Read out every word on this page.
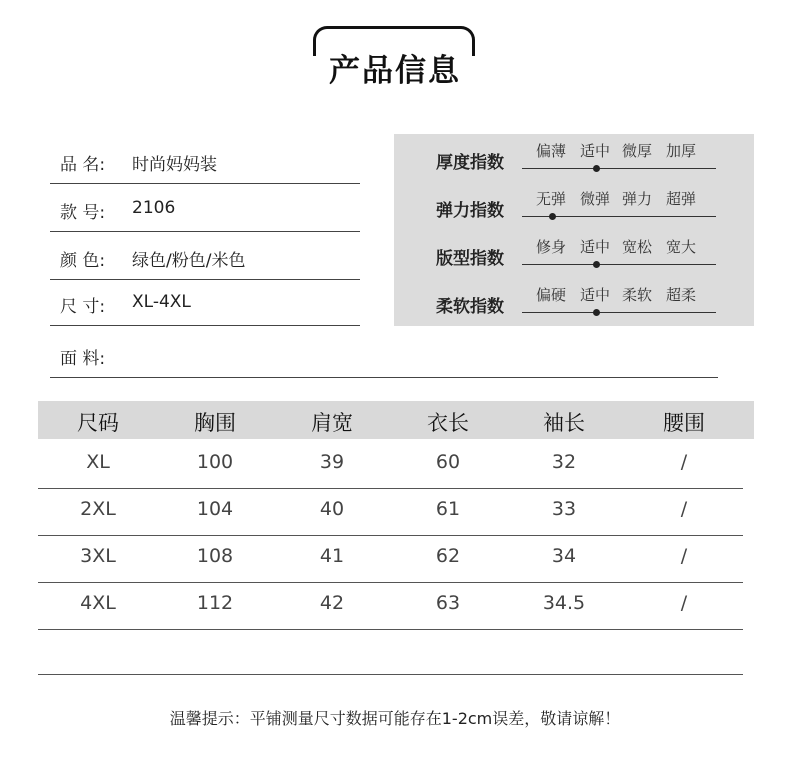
产品信息
品 名: 时尚妈妈装
款 号: 2106
颜 色: 绿色/粉色/米色
尺 寸: XL-4XL
面 料:
厚度指数
偏薄 适中 微厚 加厚
弹力指数
无弹 微弹 弹力 超弹
版型指数
修身 适中 宽松 宽大
柔软指数
偏硬 适中 柔软 超柔
尺码	胸围	肩宽	衣长	袖长	腰围
XL	100	39	60	32	/
2XL	104	40	61	33	/
3XL	108	41	62	34	/
4XL	112	42	63	34.5	/
温馨提示：平铺测量尺寸数据可能存在1-2cm误差，敬请谅解！
